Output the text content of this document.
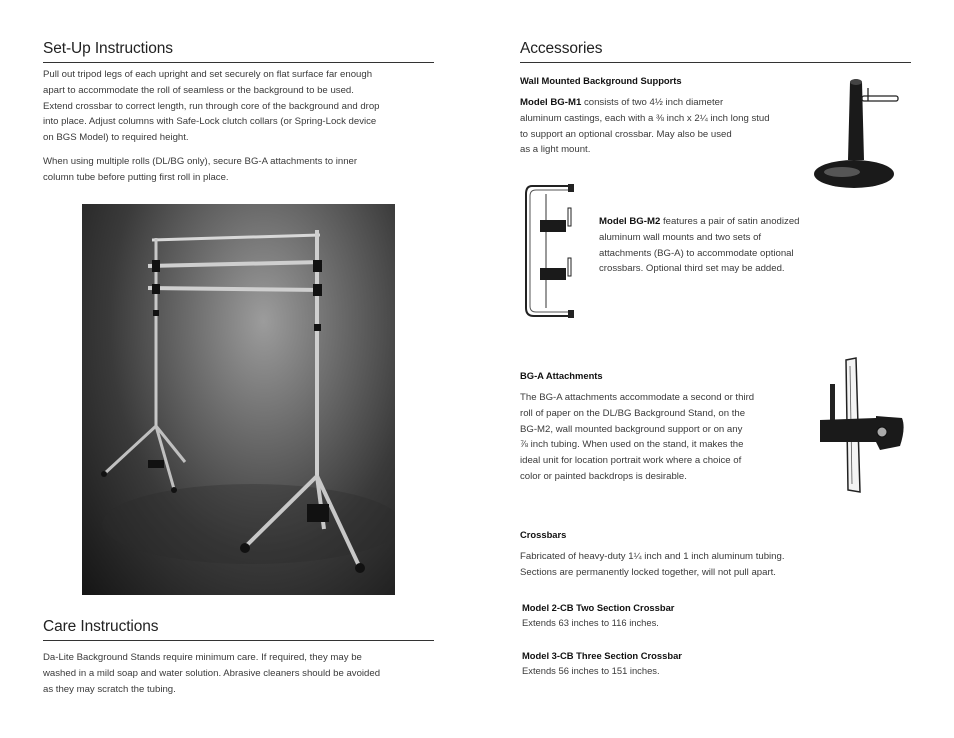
Set-Up Instructions

Pull out tripod legs of each upright and set securely on flat surface far enough
apart to accommodate the roll of seamless or the background to be used.
Extend crossbar to correct length, run through core of the background and drop
into place. Adjust columns with Safe-Lock clutch collars (or Spring-Lock device
on BGS Model) to required height.

When using multiple rolls (DL/BG only), secure BG-A attachments to inner
column tube before putting first roll in place.

Care Instructions

Da-Lite Background Stands require minimum care. If required, they may be
washed in a mild soap and water solution. Abrasive cleaners should be avoided
as they may scratch the tubing.

Accessories

Wall Mounted Background Supports

Model BG-M1 consists of two 4½ inch diameter
aluminum castings, each with a ⅜ inch x 2¼ inch long stud
to support an optional crossbar. May also be used
as a light mount.

Model BG-M2 features a pair of satin anodized
aluminum wall mounts and two sets of
attachments (BG-A) to accommodate optional
crossbars. Optional third set may be added.

BG-A Attachments

The BG-A attachments accommodate a second or third
roll of paper on the DL/BG Background Stand, on the
BG-M2, wall mounted background support or on any
⅞ inch tubing. When used on the stand, it makes the
ideal unit for location portrait work where a choice of
color or painted backdrops is desirable.

Crossbars

Fabricated of heavy-duty 1¼ inch and 1 inch aluminum tubing.
Sections are permanently locked together, will not pull apart.

Model 2-CB Two Section Crossbar
Extends 63 inches to 116 inches.

Model 3-CB Three Section Crossbar
Extends 56 inches to 151 inches.
